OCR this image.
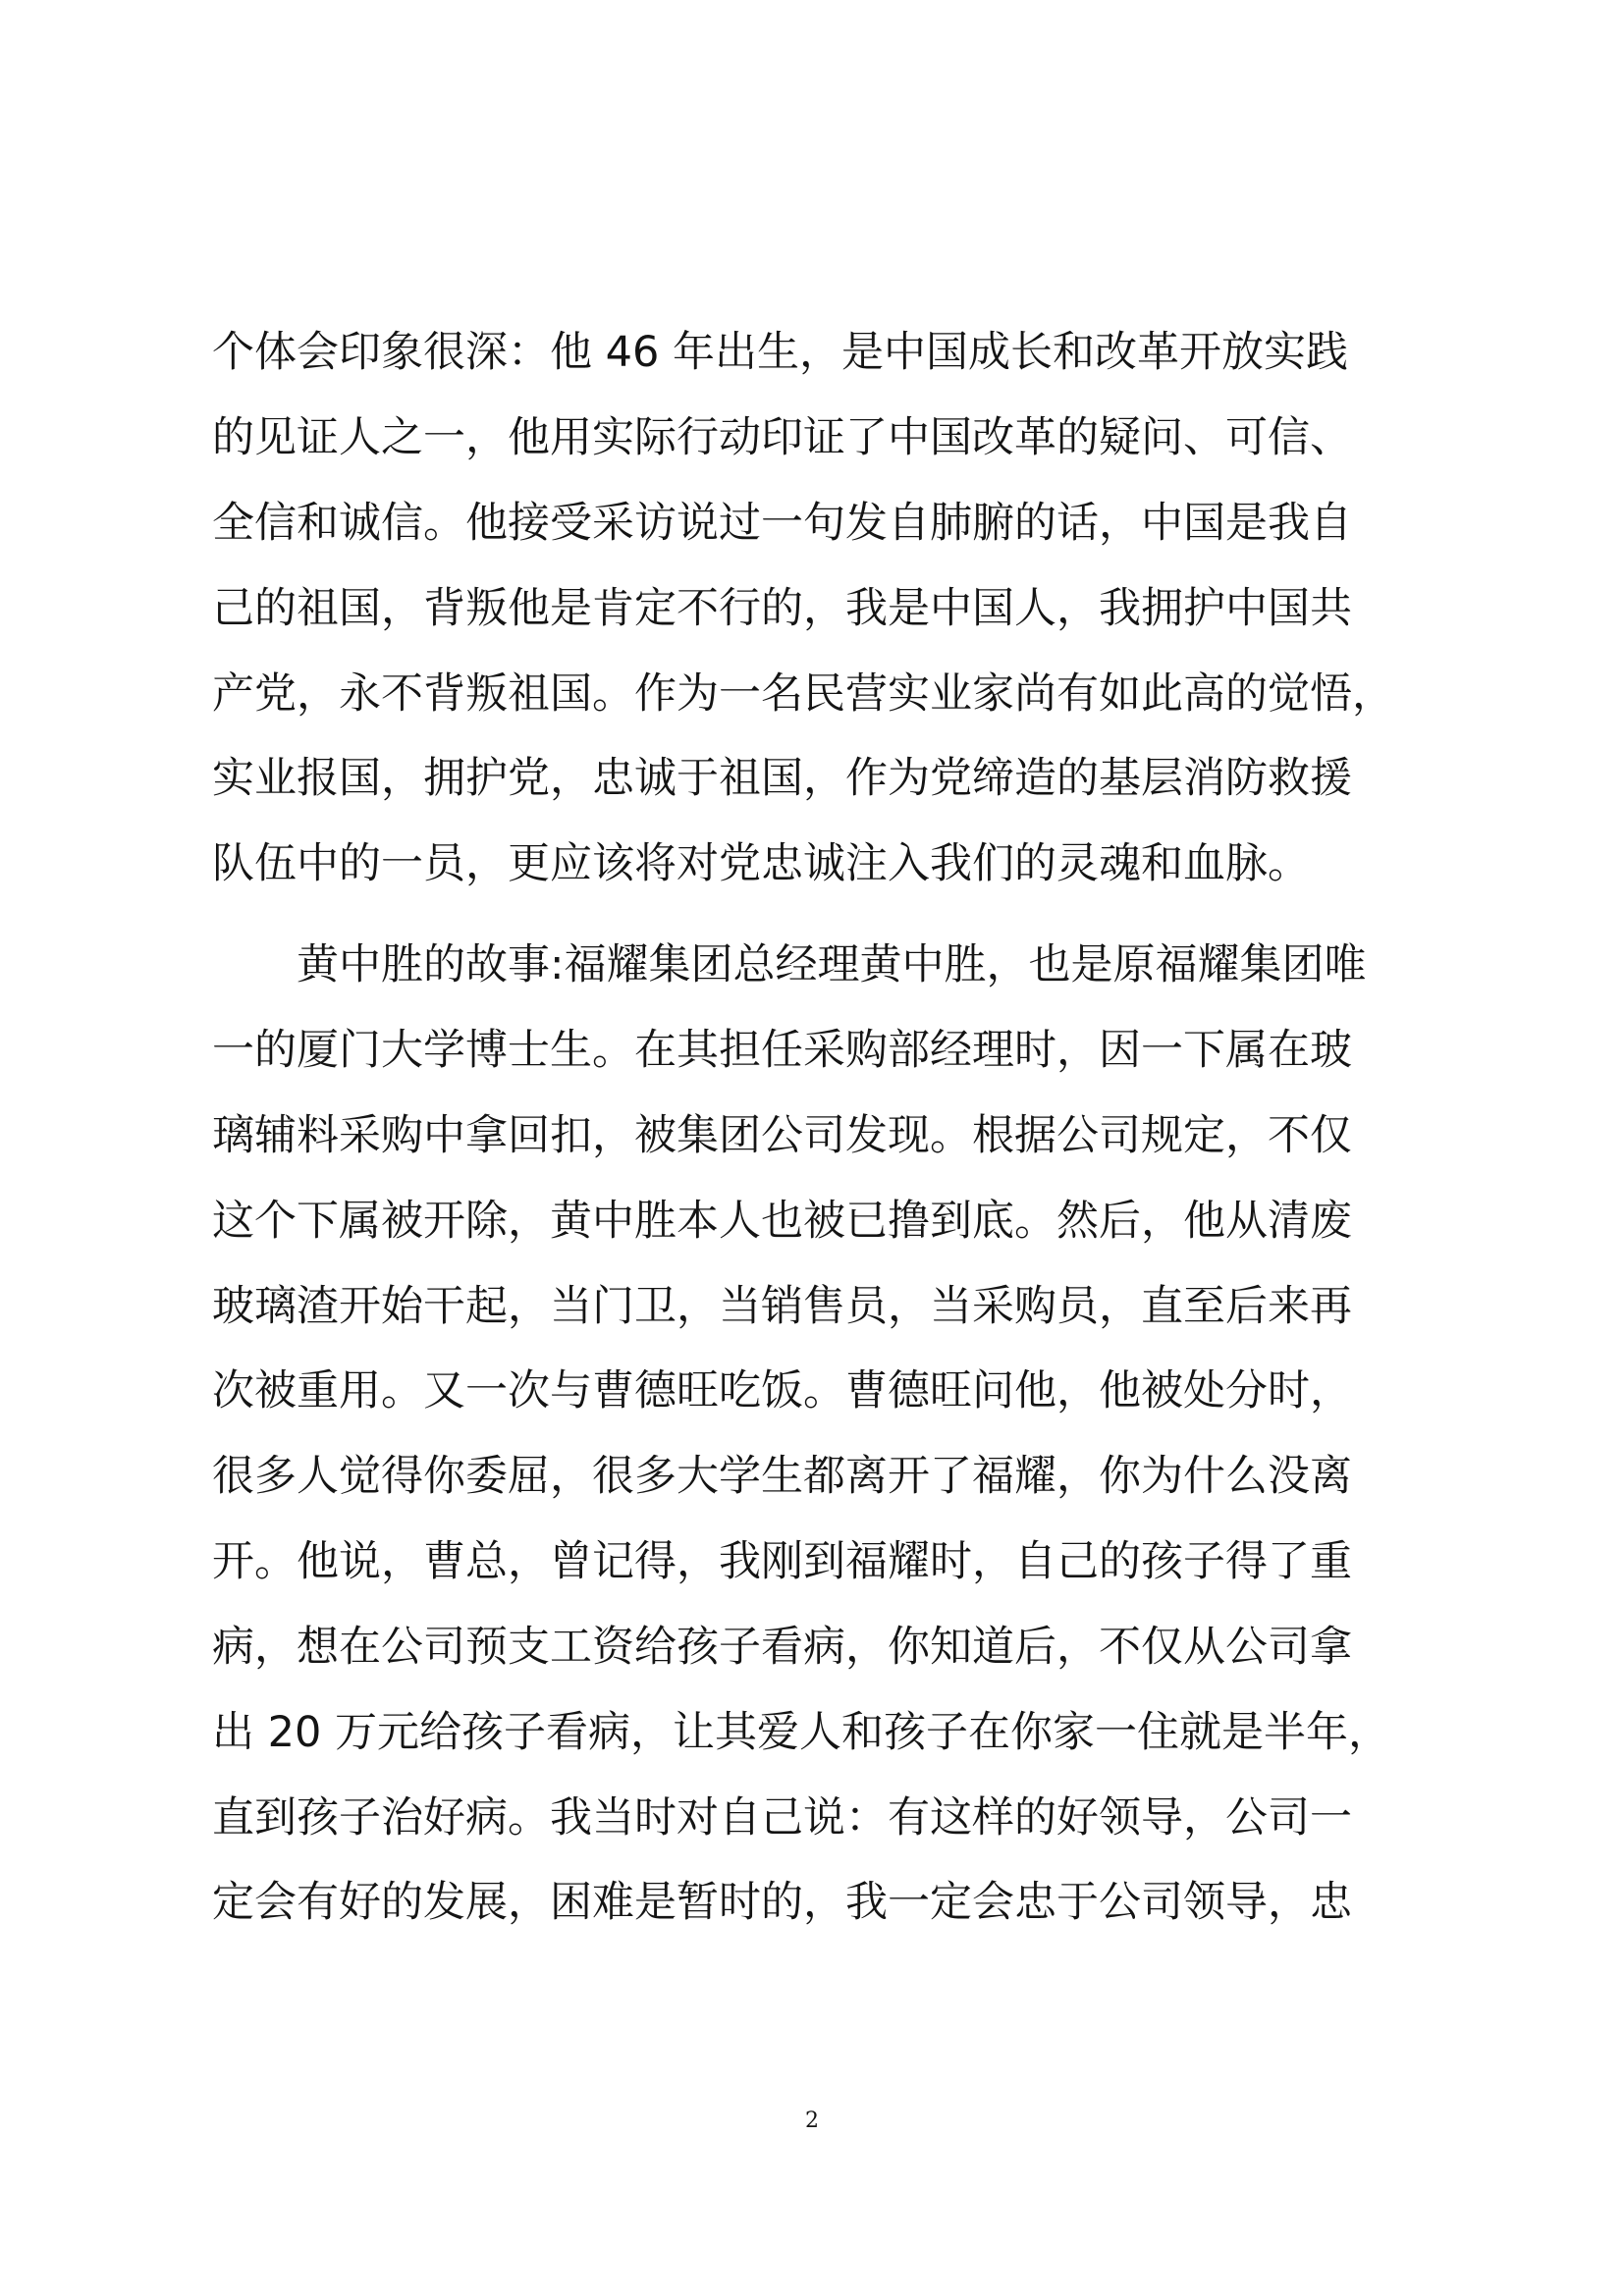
个体会印象很深：他 46 年出生，是中国成长和改革开放实践

的见证人之一，他用实际行动印证了中国改革的疑问、可信、

全信和诚信。他接受采访说过一句发自肺腑的话，中国是我自

己的祖国，背叛他是肯定不行的，我是中国人，我拥护中国共

产党，永不背叛祖国。作为一名民营实业家尚有如此高的觉悟，

实业报国，拥护党，忠诚于祖国，作为党缔造的基层消防救援

队伍中的一员，更应该将对党忠诚注入我们的灵魂和血脉。

黄中胜的故事:福耀集团总经理黄中胜，也是原福耀集团唯

一的厦门大学博士生。在其担任采购部经理时，因一下属在玻

璃辅料采购中拿回扣，被集团公司发现。根据公司规定，不仅

这个下属被开除，黄中胜本人也被已撸到底。然后，他从清废

玻璃渣开始干起，当门卫，当销售员，当采购员，直至后来再

次被重用。又一次与曹德旺吃饭。曹德旺问他，他被处分时，

很多人觉得你委屈，很多大学生都离开了福耀，你为什么没离

开。他说，曹总，曾记得，我刚到福耀时，自己的孩子得了重

病，想在公司预支工资给孩子看病，你知道后，不仅从公司拿

出 20 万元给孩子看病，让其爱人和孩子在你家一住就是半年，

直到孩子治好病。我当时对自己说：有这样的好领导，公司一

定会有好的发展，困难是暂时的，我一定会忠于公司领导，忠

2
